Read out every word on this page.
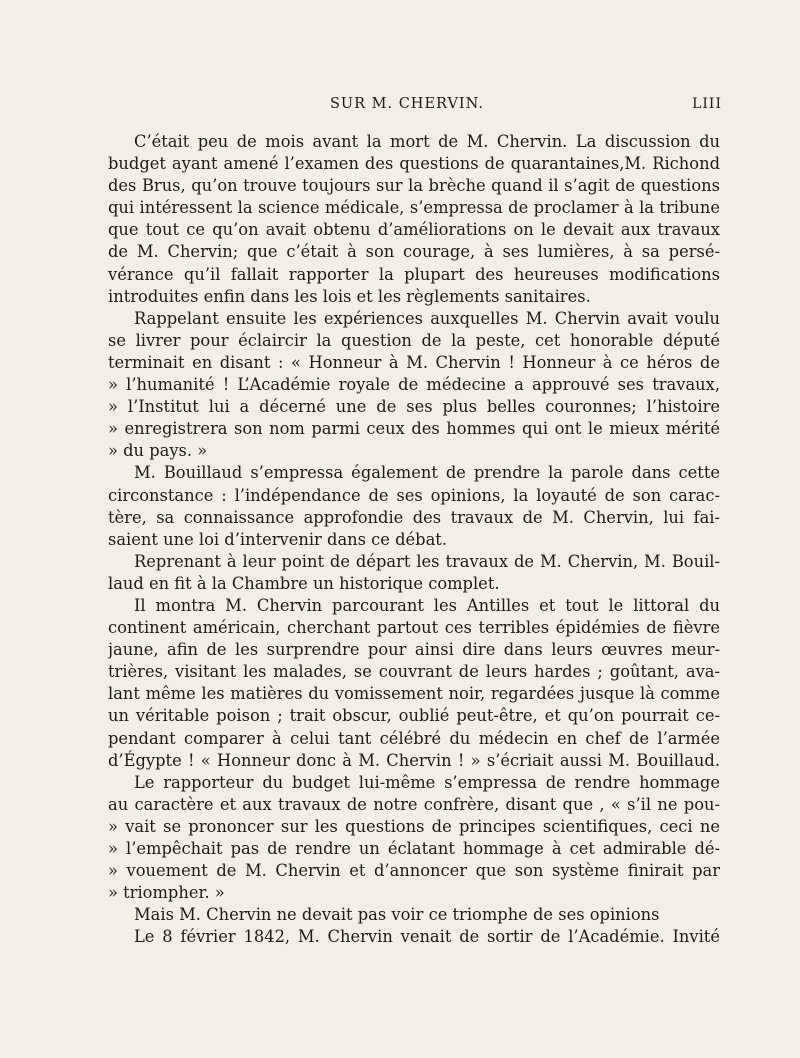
SUR M. CHERVIN.	LIII
C’était peu de mois avant la mort de M. Chervin. La discussion du
budget ayant amené l’examen des questions de quarantaines,M. Richond
des Brus, qu’on trouve toujours sur la brèche quand il s’agit de questions
qui intéressent la science médicale, s’empressa de proclamer à la tribune
que tout ce qu’on avait obtenu d’améliorations on le devait aux travaux
de M. Chervin; que c’était à son courage, à ses lumières, à sa persé-
vérance qu’il fallait rapporter la plupart des heureuses modifications
introduites enfin dans les lois et les règlements sanitaires.
Rappelant ensuite les expériences auxquelles M. Chervin avait voulu
se livrer pour éclaircir la question de la peste, cet honorable député
terminait en disant : « Honneur à M. Chervin ! Honneur à ce héros de
» l’humanité ! L’Académie royale de médecine a approuvé ses travaux,
» l’Institut lui a décerné une de ses plus belles couronnes; l’histoire
» enregistrera son nom parmi ceux des hommes qui ont le mieux mérité
» du pays. »
M. Bouillaud s’empressa également de prendre la parole dans cette
circonstance : l’indépendance de ses opinions, la loyauté de son carac-
tère, sa connaissance approfondie des travaux de M. Chervin, lui fai-
saient une loi d’intervenir dans ce débat.
Reprenant à leur point de départ les travaux de M. Chervin, M. Bouil-
laud en fit à la Chambre un historique complet.
Il montra M. Chervin parcourant les Antilles et tout le littoral du
continent américain, cherchant partout ces terribles épidémies de fièvre
jaune, afin de les surprendre pour ainsi dire dans leurs œuvres meur-
trières, visitant les malades, se couvrant de leurs hardes ; goûtant, ava-
lant même les matières du vomissement noir, regardées jusque là comme
un véritable poison ; trait obscur, oublié peut-être, et qu’on pourrait ce-
pendant comparer à celui tant célébré du médecin en chef de l’armée
d’Égypte ! « Honneur donc à M. Chervin ! » s’écriait aussi M. Bouillaud.
Le rapporteur du budget lui-même s’empressa de rendre hommage
au caractère et aux travaux de notre confrère, disant que , « s’il ne pou-
» vait se prononcer sur les questions de principes scientifiques, ceci ne
» l’empêchait pas de rendre un éclatant hommage à cet admirable dé-
» vouement de M. Chervin et d’annoncer que son système finirait par
» triompher. »
Mais M. Chervin ne devait pas voir ce triomphe de ses opinions
Le 8 février 1842, M. Chervin venait de sortir de l’Académie. Invité
